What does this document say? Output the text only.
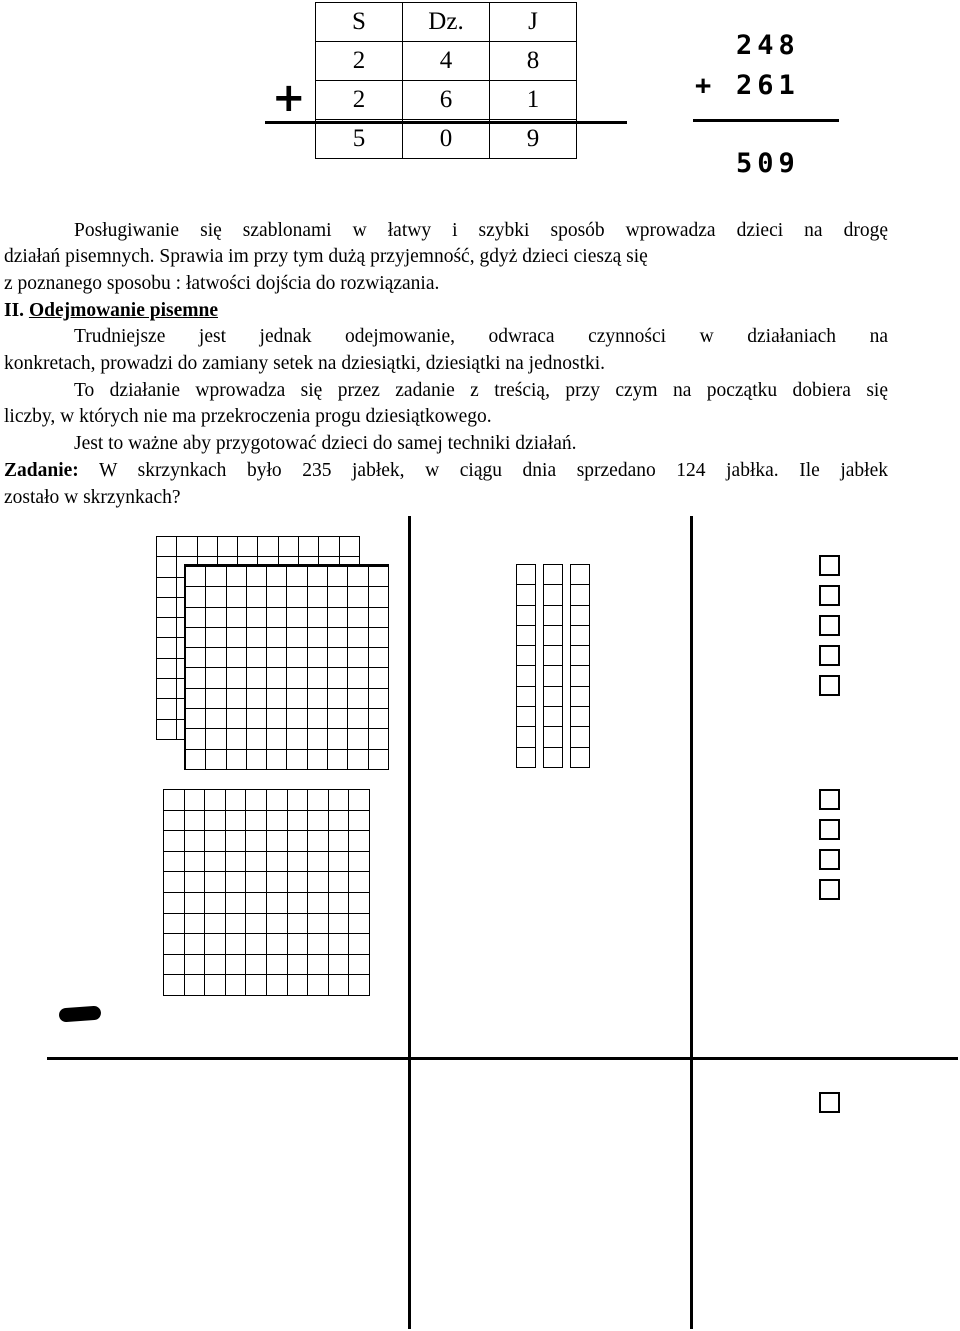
S	Dz.	J
2	4	8
2	6	1
5	0	9
+
248
+ 261
509

Posługiwanie się szablonami w łatwy i szybki sposób wprowadza dzieci na drogę

działań pisemnych. Sprawia im przy tym dużą przyjemność, gdyż dzieci cieszą się

z poznanego sposobu : łatwości dojścia do rozwiązania.

II. Odejmowanie pisemne

Trudniejsze jest jednak odejmowanie, odwraca czynności w działaniach na

konkretach, prowadzi do zamiany setek na dziesiątki, dziesiątki na jednostki.

To działanie wprowadza się przez zadanie z treścią, przy czym na początku dobiera się

liczby, w których nie ma przekroczenia progu dziesiątkowego.

Jest to ważne aby przygotować dzieci do samej techniki działań.

Zadanie: W skrzynkach było 235 jabłek, w ciągu dnia sprzedano 124 jabłka. Ile jabłek

zostało w skrzynkach?
